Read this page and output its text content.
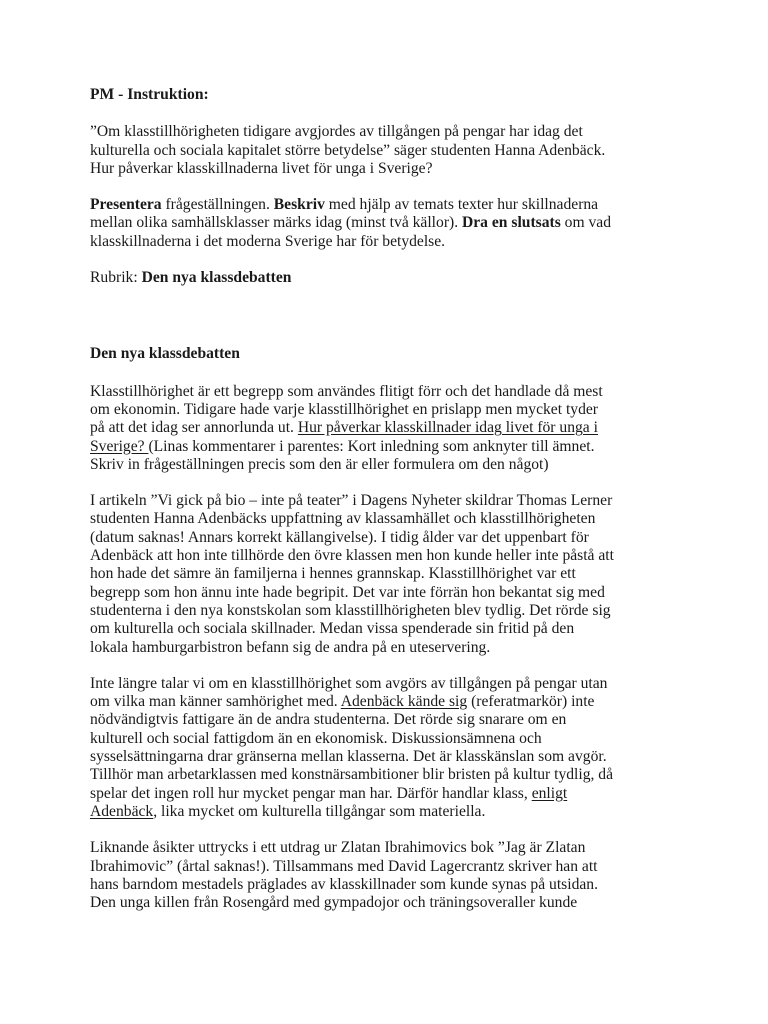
PM - Instruktion:
”Om klasstillhörigheten tidigare avgjordes av tillgången på pengar har idag det
kulturella och sociala kapitalet större betydelse” säger studenten Hanna Adenbäck.
Hur påverkar klasskillnaderna livet för unga i Sverige?
Presentera frågeställningen. Beskriv med hjälp av temats texter hur skillnaderna
mellan olika samhällsklasser märks idag (minst två källor). Dra en slutsats om vad
klasskillnaderna i det moderna Sverige har för betydelse.
Rubrik: Den nya klassdebatten
Den nya klassdebatten
Klasstillhörighet är ett begrepp som användes flitigt förr och det handlade då mest
om ekonomin. Tidigare hade varje klasstillhörighet en prislapp men mycket tyder
på att det idag ser annorlunda ut. Hur påverkar klasskillnader idag livet för unga i
Sverige? (Linas kommentarer i parentes: Kort inledning som anknyter till ämnet.
Skriv in frågeställningen precis som den är eller formulera om den något)
I artikeln ”Vi gick på bio – inte på teater” i Dagens Nyheter skildrar Thomas Lerner
studenten Hanna Adenbäcks uppfattning av klassamhället och klasstillhörigheten
(datum saknas! Annars korrekt källangivelse). I tidig ålder var det uppenbart för
Adenbäck att hon inte tillhörde den övre klassen men hon kunde heller inte påstå att
hon hade det sämre än familjerna i hennes grannskap. Klasstillhörighet var ett
begrepp som hon ännu inte hade begripit. Det var inte förrän hon bekantat sig med
studenterna i den nya konstskolan som klasstillhörigheten blev tydlig. Det rörde sig
om kulturella och sociala skillnader. Medan vissa spenderade sin fritid på den
lokala hamburgarbistron befann sig de andra på en uteservering.
Inte längre talar vi om en klasstillhörighet som avgörs av tillgången på pengar utan
om vilka man känner samhörighet med. Adenbäck kände sig (referatmarkör) inte
nödvändigtvis fattigare än de andra studenterna. Det rörde sig snarare om en
kulturell och social fattigdom än en ekonomisk. Diskussionsämnena och
sysselsättningarna drar gränserna mellan klasserna. Det är klasskänslan som avgör.
Tillhör man arbetarklassen med konstnärsambitioner blir bristen på kultur tydlig, då
spelar det ingen roll hur mycket pengar man har. Därför handlar klass, enligt
Adenbäck, lika mycket om kulturella tillgångar som materiella.
Liknande åsikter uttrycks i ett utdrag ur Zlatan Ibrahimovics bok ”Jag är Zlatan
Ibrahimovic” (årtal saknas!). Tillsammans med David Lagercrantz skriver han att
hans barndom mestadels präglades av klasskillnader som kunde synas på utsidan.
Den unga killen från Rosengård med gympadojor och träningsoveraller kunde
